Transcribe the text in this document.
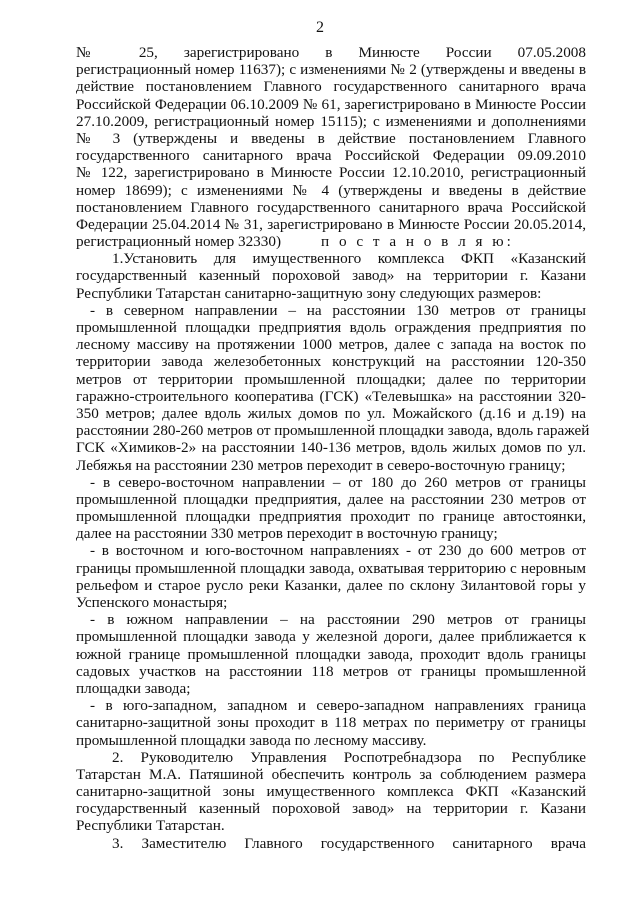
2
№ 25, зарегистрировано в Минюсте России 07.05.2008
регистрационный номер 11637); с изменениями № 2 (утверждены и введены в
действие постановлением Главного государственного санитарного врача
Российской Федерации 06.10.2009 № 61, зарегистрировано в Минюсте России
27.10.2009, регистрационный номер 15115); с изменениями и дополнениями
№ 3 (утверждены и введены в действие постановлением Главного
государственного санитарного врача Российской Федерации 09.09.2010
№ 122, зарегистрировано в Минюсте России 12.10.2010, регистрационный
номер 18699); с изменениями № 4 (утверждены и введены в действие
постановлением Главного государственного санитарного врача Российской
Федерации 25.04.2014 № 31, зарегистрировано в Минюсте России 20.05.2014,
регистрационный номер 32330)	п о с т а н о в л я ю:
1.Установить для имущественного комплекса ФКП «Казанский
государственный казенный пороховой завод» на территории г. Казани
Республики Татарстан санитарно-защитную зону следующих размеров:
- в северном направлении – на расстоянии 130 метров от границы
промышленной площадки предприятия вдоль ограждения предприятия по
лесному массиву на протяжении 1000 метров, далее с запада на восток по
территории завода железобетонных конструкций на расстоянии 120-350
метров от территории промышленной площадки; далее по территории
гаражно-строительного кооператива (ГСК) «Телевышка» на расстоянии 320-
350 метров; далее вдоль жилых домов по ул. Можайского (д.16 и д.19) на
расстоянии 280-260 метров от промышленной площадки завода, вдоль гаражей
ГСК «Химиков-2» на расстоянии 140-136 метров, вдоль жилых домов по ул.
Лебяжья на расстоянии 230 метров переходит в северо-восточную границу;
- в северо-восточном направлении – от 180 до 260 метров от границы
промышленной площадки предприятия, далее на расстоянии 230 метров от
промышленной площадки предприятия проходит по границе автостоянки,
далее на расстоянии 330 метров переходит в восточную границу;
- в восточном и юго-восточном направлениях - от 230 до 600 метров от
границы промышленной площадки завода, охватывая территорию с неровным
рельефом и старое русло реки Казанки, далее по склону Зилантовой горы у
Успенского монастыря;
- в южном направлении – на расстоянии 290 метров от границы
промышленной площадки завода у железной дороги, далее приближается к
южной границе промышленной площадки завода, проходит вдоль границы
садовых участков на расстоянии 118 метров от границы промышленной
площадки завода;
- в юго-западном, западном и северо-западном направлениях граница
санитарно-защитной зоны проходит в 118 метрах по периметру от границы
промышленной площадки завода по лесному массиву.
2. Руководителю Управления Роспотребнадзора по Республике
Татарстан М.А. Патяшиной обеспечить контроль за соблюдением размера
санитарно-защитной зоны имущественного комплекса ФКП «Казанский
государственный казенный пороховой завод» на территории г. Казани
Республики Татарстан.
3. Заместителю Главного государственного санитарного врача
